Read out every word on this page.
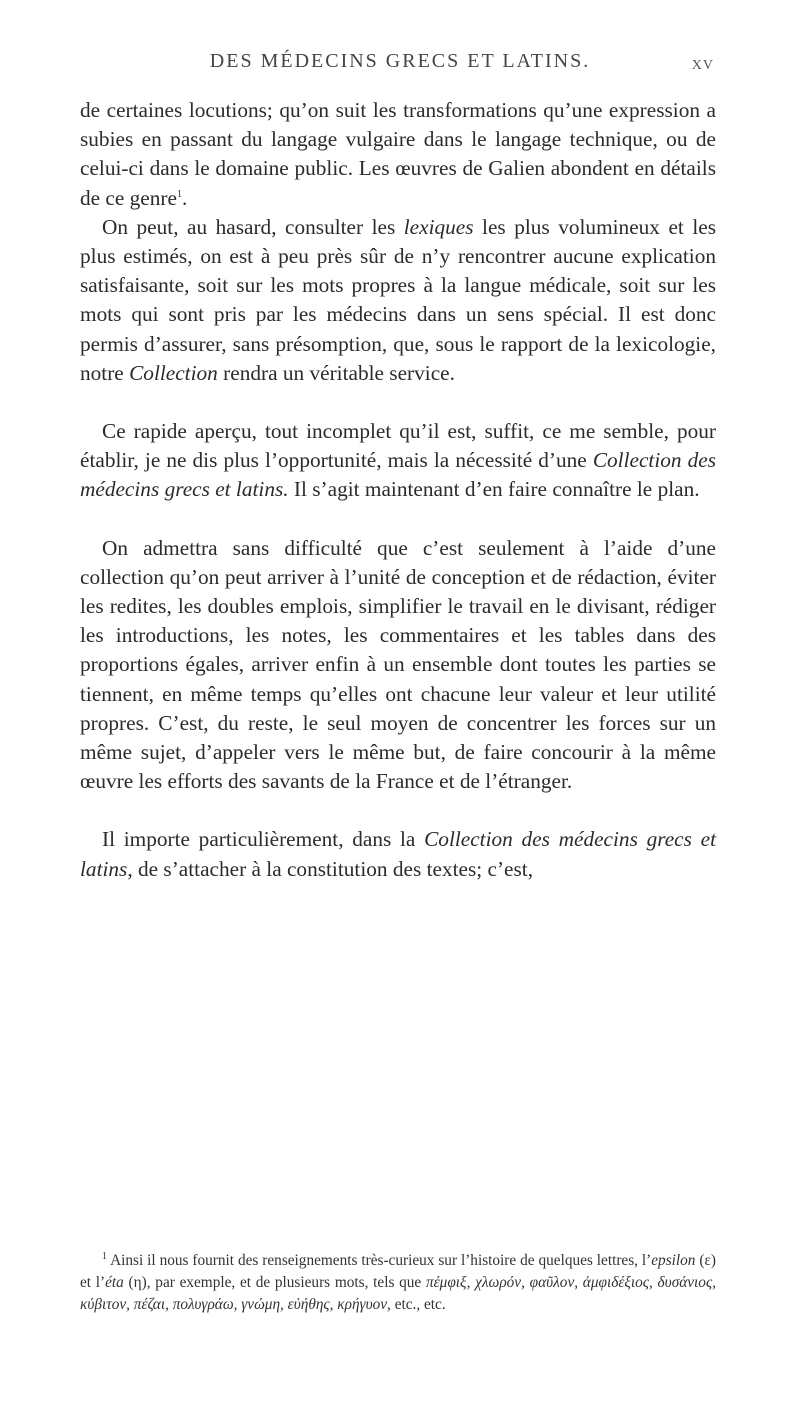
DES MÉDECINS GRECS ET LATINS.	XV

de certaines locutions; qu’on suit les transformations qu’une expression a subies en passant du langage vulgaire dans le langage technique, ou de celui-ci dans le domaine public. Les œuvres de Galien abondent en détails de ce genre$^1$.

On peut, au hasard, consulter les lexiques les plus volumineux et les plus estimés, on est à peu près sûr de n’y rencontrer aucune explication satisfaisante, soit sur les mots propres à la langue médicale, soit sur les mots qui sont pris par les médecins dans un sens spécial. Il est donc permis d’assurer, sans présomption, que, sous le rapport de la lexicologie, notre Collection rendra un véritable service.

Ce rapide aperçu, tout incomplet qu’il est, suffit, ce me semble, pour établir, je ne dis plus l’opportunité, mais la nécessité d’une Collection des médecins grecs et latins. Il s’agit maintenant d’en faire connaître le plan.

On admettra sans difficulté que c’est seulement à l’aide d’une collection qu’on peut arriver à l’unité de conception et de rédaction, éviter les redites, les doubles emplois, simplifier le travail en le divisant, rédiger les introductions, les notes, les commentaires et les tables dans des proportions égales, arriver enfin à un ensemble dont toutes les parties se tiennent, en même temps qu’elles ont chacune leur valeur et leur utilité propres. C’est, du reste, le seul moyen de concentrer les forces sur un même sujet, d’appeler vers le même but, de faire concourir à la même œuvre les efforts des savants de la France et de l’étranger.

Il importe particulièrement, dans la Collection des médecins grecs et latins, de s’attacher à la constitution des textes; c’est,

$^1$ Ainsi il nous fournit des renseignements très-curieux sur l’histoire de quelques lettres, l’epsilon (ε) et l’éta (η), par exemple, et de plusieurs mots, tels que πέμφιξ, χλωρόν, φαῦλον, ἀμφιδέξιος, δυσάνιος, κύβιτον, πέζαι, πολυγράω, γνώμη, εὐήθης, κρήγυον, etc., etc.
